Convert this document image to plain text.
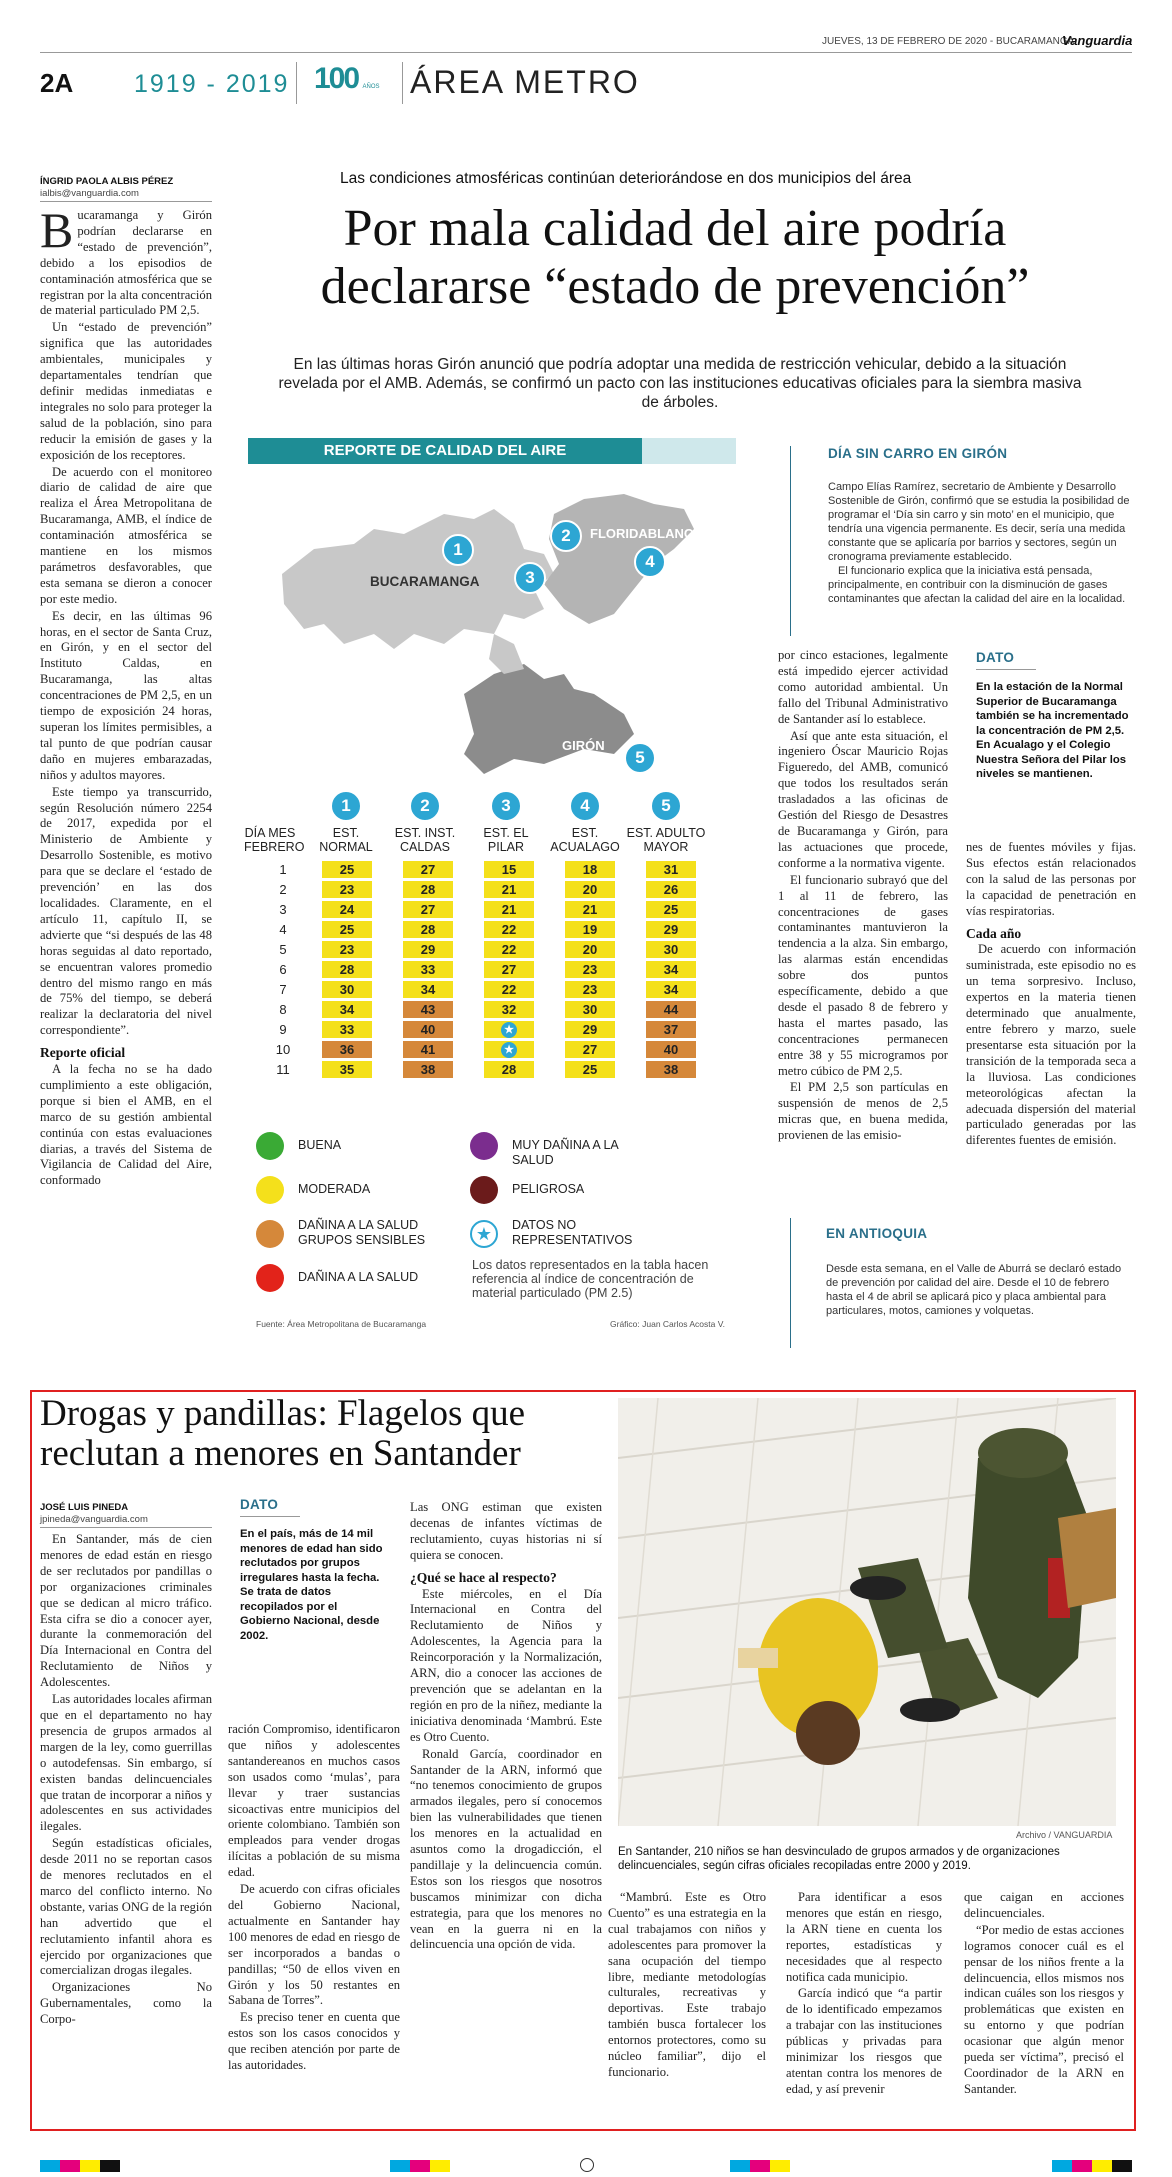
JUEVES, 13 DE FEBRERO DE 2020 - BUCARAMANGA
Vanguardia
2A 1919 - 2019 100 AÑOS ÁREA METRO
Las condiciones atmosféricas continúan deteriorándose en dos municipios del área
Por mala calidad del aire podría
declararse “estado de prevención”
En las últimas horas Girón anunció que podría adoptar una medida de restricción vehicular, debido a la situación revelada por el AMB. Además, se confirmó un pacto con las instituciones educativas oficiales para la siembra masiva de árboles.
ÍNGRID PAOLA ALBIS PÉREZ
ialbis@vanguardia.com

Bucaramanga y Girón podrían declararse en “estado de prevención”, debido a los episodios de contaminación atmosférica que se registran por la alta concentración de material particulado PM 2,5.

Un “estado de prevención” significa que las autoridades ambientales, municipales y departamentales tendrían que definir medidas inmediatas e integrales no solo para proteger la salud de la población, sino para reducir la emisión de gases y la exposición de los receptores.

De acuerdo con el monitoreo diario de calidad de aire que realiza el Área Metropolitana de Bucaramanga, AMB, el índice de contaminación atmosférica se mantiene en los mismos parámetros desfavorables, que esta semana se dieron a conocer por este medio.

Es decir, en las últimas 96 horas, en el sector de Santa Cruz, en Girón, y en el sector del Instituto Caldas, en Bucaramanga, las altas concentraciones de PM 2,5, en un tiempo de exposición 24 horas, superan los límites permisibles, a tal punto de que podrían causar daño en mujeres embarazadas, niños y adultos mayores.

Este tiempo ya transcurrido, según Resolución número 2254 de 2017, expedida por el Ministerio de Ambiente y Desarrollo Sostenible, es motivo para que se declare el ‘estado de prevención’ en las dos localidades. Claramente, en el artículo 11, capítulo II, se advierte que “si después de las 48 horas seguidas al dato reportado, se encuentran valores promedio dentro del mismo rango en más de 75% del tiempo, se deberá realizar la declaratoria del nivel correspondiente”.

Reporte oficial

A la fecha no se ha dado cumplimiento a este obligación, porque si bien el AMB, en el marco de su gestión ambiental continúa con estas evaluaciones diarias, a través del Sistema de Vigilancia de Calidad del Aire, conformado

REPORTE DE CALIDAD DEL AIRE
BUCARAMANGA
FLORIDABLANCA
GIRÓN
1
2
3
4
5
DÍA MES FEBRERO
1
EST. NORMAL
2
EST. INST. CALDAS
3
EST. EL PILAR
4
EST. ACUALAGO
5
EST. ADULTO MAYOR
1	25		27		15		18		31
2	23		28		21		20		26
3	24		27		21		21		25
4	25		28		22		19		29
5	23		29		22		20		30
6	28		33		27		23		34
7	30		34		22		23		34
8	34		43		32		30		44
9	33		40		★		29		37
10	36		41		★		27		40
11	35		38		28		25		38
BUENA
MODERADA
DAÑINA A LA SALUD GRUPOS SENSIBLES
DAÑINA A LA SALUD
MUY DAÑINA A LA SALUD
PELIGROSA
★	DATOS NO REPRESENTATIVOS
Los datos representados en la tabla hacen referencia al índice de concentración de material particulado (PM 2.5)
Fuente: Área Metropolitana de Bucaramanga	Gráfico: Juan Carlos Acosta V.
DÍA SIN CARRO EN GIRÓN
Campo Elías Ramírez, secretario de Ambiente y Desarrollo Sostenible de Girón, confirmó que se estudia la posibilidad de programar el ‘Día sin carro y sin moto’ en el municipio, que tendría una vigencia permanente. Es decir, sería una medida constante que se aplicaría por barrios y sectores, según un cronograma previamente establecido.
El funcionario explica que la iniciativa está pensada, principalmente, en contribuir con la disminución de gases contaminantes que afectan la calidad del aire en la localidad.

por cinco estaciones, legalmente está impedido ejercer actividad como autoridad ambiental. Un fallo del Tribunal Administrativo de Santander así lo establece.

Así que ante esta situación, el ingeniero Óscar Mauricio Rojas Figueredo, del AMB, comunicó que todos los resultados serán trasladados a las oficinas de Gestión del Riesgo de Desastres de Bucaramanga y Girón, para las actuaciones que procede, conforme a la normativa vigente.

El funcionario subrayó que del 1 al 11 de febrero, las concentraciones de gases contaminantes mantuvieron la tendencia a la alza. Sin embargo, las alarmas están encendidas sobre dos puntos específicamente, debido a que desde el pasado 8 de febrero y hasta el martes pasado, las concentraciones permanecen entre 38 y 55 microgramos por metro cúbico de PM 2,5.

El PM 2,5 son partículas en suspensión de menos de 2,5 micras que, en buena medida, provienen de las emisio-

DATO
En la estación de la Normal Superior de Bucaramanga también se ha incrementado la concentración de PM 2,5. En Acualago y el Colegio Nuestra Señora del Pilar los niveles se mantienen.

nes de fuentes móviles y fijas. Sus efectos están relacionados con la salud de las personas por la capacidad de penetración en vías respiratorias.

Cada año

De acuerdo con información suministrada, este episodio no es un tema sorpresivo. Incluso, expertos en la materia tienen determinado que anualmente, entre febrero y marzo, suele presentarse esta situación por la transición de la temporada seca a la lluviosa. Las condiciones meteorológicas afectan la adecuada dispersión del material particulado generadas por las diferentes fuentes de emisión.

EN ANTIOQUIA
Desde esta semana, en el Valle de Aburrá se declaró estado de prevención por calidad del aire. Desde el 10 de febrero hasta el 4 de abril se aplicará pico y placa ambiental para particulares, motos, camiones y volquetas.
Drogas y pandillas: Flagelos que
reclutan a menores en Santander
JOSÉ LUIS PINEDA
jpineda@vanguardia.com

En Santander, más de cien menores de edad están en riesgo de ser reclutados por pandillas o por organizaciones criminales que se dedican al micro tráfico. Esta cifra se dio a conocer ayer, durante la conmemoración del Día Internacional en Contra del Reclutamiento de Niños y Adolescentes.

Las autoridades locales afirman que en el departamento no hay presencia de grupos armados al margen de la ley, como guerrillas o autodefensas. Sin embargo, sí existen bandas delincuenciales que tratan de incorporar a niños y adolescentes en sus actividades ilegales.

Según estadísticas oficiales, desde 2011 no se reportan casos de menores reclutados en el marco del conflicto interno. No obstante, varias ONG de la región han advertido que el reclutamiento infantil ahora es ejercido por organizaciones que comercializan drogas ilegales.

Organizaciones No Gubernamentales, como la Corpo-

DATO
En el país, más de 14 mil menores de edad han sido reclutados por grupos irregulares hasta la fecha. Se trata de datos recopilados por el Gobierno Nacional, desde 2002.

ración Compromiso, identificaron que niños y adolescentes santandereanos en muchos casos son usados como ‘mulas’, para llevar y traer sustancias sicoactivas entre municipios del oriente colombiano. También son empleados para vender drogas ilícitas a población de su misma edad.

De acuerdo con cifras oficiales del Gobierno Nacional, actualmente en Santander hay 100 menores de edad en riesgo de ser incorporados a bandas o pandillas; “50 de ellos viven en Girón y los 50 restantes en Sabana de Torres”.

Es preciso tener en cuenta que estos son los casos conocidos y que reciben atención por parte de las autoridades.

Las ONG estiman que existen decenas de infantes víctimas de reclutamiento, cuyas historias ni sí quiera se conocen.

¿Qué se hace al respecto?

Este miércoles, en el Día Internacional en Contra del Reclutamiento de Niños y Adolescentes, la Agencia para la Reincorporación y la Normalización, ARN, dio a conocer las acciones de prevención que se adelantan en la región en pro de la niñez, mediante la iniciativa denominada ‘Mambrú. Este es Otro Cuento.

Ronald García, coordinador en Santander de la ARN, informó que “no tenemos conocimiento de grupos armados ilegales, pero sí conocemos bien las vulnerabilidades que tienen los menores en la actualidad en asuntos como la drogadicción, el pandillaje y la delincuencia común. Estos son los riesgos que nosotros buscamos minimizar con dicha estrategia, para que los menores no vean en la guerra ni en la delincuencia una opción de vida.

Archivo / VANGUARDIA
En Santander, 210 niños se han desvinculado de grupos armados y de organizaciones delincuenciales, según cifras oficiales recopiladas entre 2000 y 2019.

“Mambrú. Este es Otro Cuento” es una estrategia en la cual trabajamos con niños y adolescentes para promover la sana ocupación del tiempo libre, mediante metodologías culturales, recreativas y deportivas. Este trabajo también busca fortalecer los entornos protectores, como su núcleo familiar”, dijo el funcionario.

Para identificar a esos menores que están en riesgo, la ARN tiene en cuenta los reportes, estadísticas y necesidades que al respecto notifica cada municipio.

García indicó que “a partir de lo identificado empezamos a trabajar con las instituciones públicas y privadas para minimizar los riesgos que atentan contra los menores de edad, y así prevenir

que caigan en acciones delincuenciales.

“Por medio de estas acciones logramos conocer cuál es el pensar de los niños frente a la delincuencia, ellos mismos nos indican cuáles son los riesgos y problemáticas que existen en su entorno y que podrían ocasionar que algún menor pueda ser víctima”, precisó el Coordinador de la ARN en Santander.
